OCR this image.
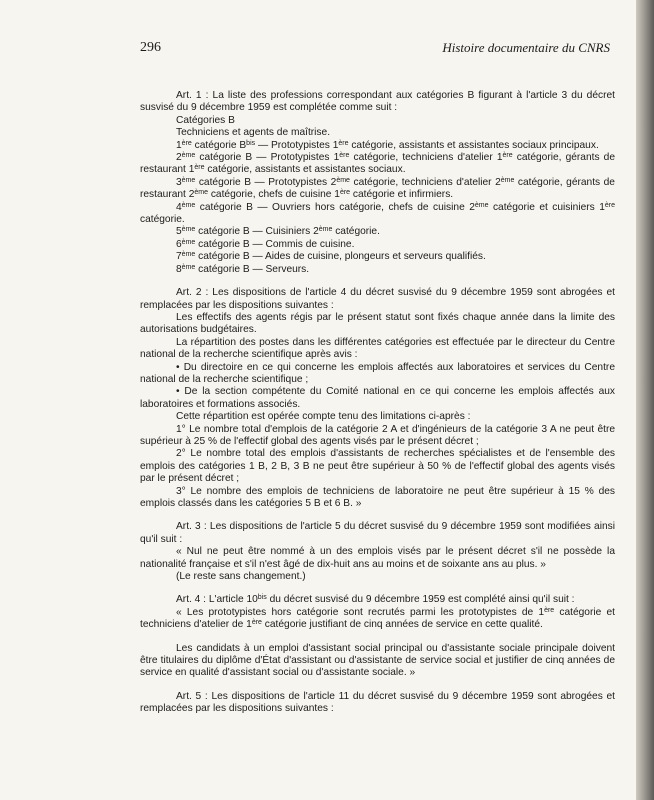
296	Histoire documentaire du CNRS

Art. 1 : La liste des professions correspondant aux catégories B figurant à l'article 3 du décret susvisé du 9 décembre 1959 est complétée comme suit :

Catégories B

Techniciens et agents de maîtrise.

1ère catégorie $B^{bis}$ — Prototypistes 1ère catégorie, assistants et assistantes sociaux principaux.

2ème catégorie B — Prototypistes 1ère catégorie, techniciens d'atelier 1ère catégorie, gérants de restaurant 1ère catégorie, assistants et assistantes sociaux.

3ème catégorie B — Prototypistes 2ème catégorie, techniciens d'atelier 2ème catégorie, gérants de restaurant 2ème catégorie, chefs de cuisine 1ère catégorie et infirmiers.

4ème catégorie B — Ouvriers hors catégorie, chefs de cuisine 2ème catégorie et cuisiniers 1ère catégorie.

5ème catégorie B — Cuisiniers 2ème catégorie.

6ème catégorie B — Commis de cuisine.

7ème catégorie B — Aides de cuisine, plongeurs et serveurs qualifiés.

8ème catégorie B — Serveurs.

Art. 2 : Les dispositions de l'article 4 du décret susvisé du 9 décembre 1959 sont abrogées et remplacées par les dispositions suivantes :

Les effectifs des agents régis par le présent statut sont fixés chaque année dans la limite des autorisations budgétaires.

La répartition des postes dans les différentes catégories est effectuée par le directeur du Centre national de la recherche scientifique après avis :

• Du directoire en ce qui concerne les emplois affectés aux laboratoires et services du Centre national de la recherche scientifique ;

• De la section compétente du Comité national en ce qui concerne les emplois affectés aux laboratoires et formations associés.

Cette répartition est opérée compte tenu des limitations ci-après :

1° Le nombre total d'emplois de la catégorie 2 A et d'ingénieurs de la catégorie 3 A ne peut être supérieur à 25 % de l'effectif global des agents visés par le présent décret ;

2° Le nombre total des emplois d'assistants de recherches spécialistes et de l'ensemble des emplois des catégories 1 B, 2 B, 3 B ne peut être supérieur à 50 % de l'effectif global des agents visés par le présent décret ;

3° Le nombre des emplois de techniciens de laboratoire ne peut être supérieur à 15 % des emplois classés dans les catégories 5 B et 6 B. »

Art. 3 : Les dispositions de l'article 5 du décret susvisé du 9 décembre 1959 sont modifiées ainsi qu'il suit :

« Nul ne peut être nommé à un des emplois visés par le présent décret s'il ne possède la nationalité française et s'il n'est âgé de dix-huit ans au moins et de soixante ans au plus. »

(Le reste sans changement.)

Art. 4 : L'article $10^{bis}$ du décret susvisé du 9 décembre 1959 est complété ainsi qu'il suit :

« Les prototypistes hors catégorie sont recrutés parmi les prototypistes de 1ère catégorie et techniciens d'atelier de 1ère catégorie justifiant de cinq années de service en cette qualité.

Les candidats à un emploi d'assistant social principal ou d'assistante sociale principale doivent être titulaires du diplôme d'État d'assistant ou d'assistante de service social et justifier de cinq années de service en qualité d'assistant social ou d'assistante sociale. »

Art. 5 : Les dispositions de l'article 11 du décret susvisé du 9 décembre 1959 sont abrogées et remplacées par les dispositions suivantes :
